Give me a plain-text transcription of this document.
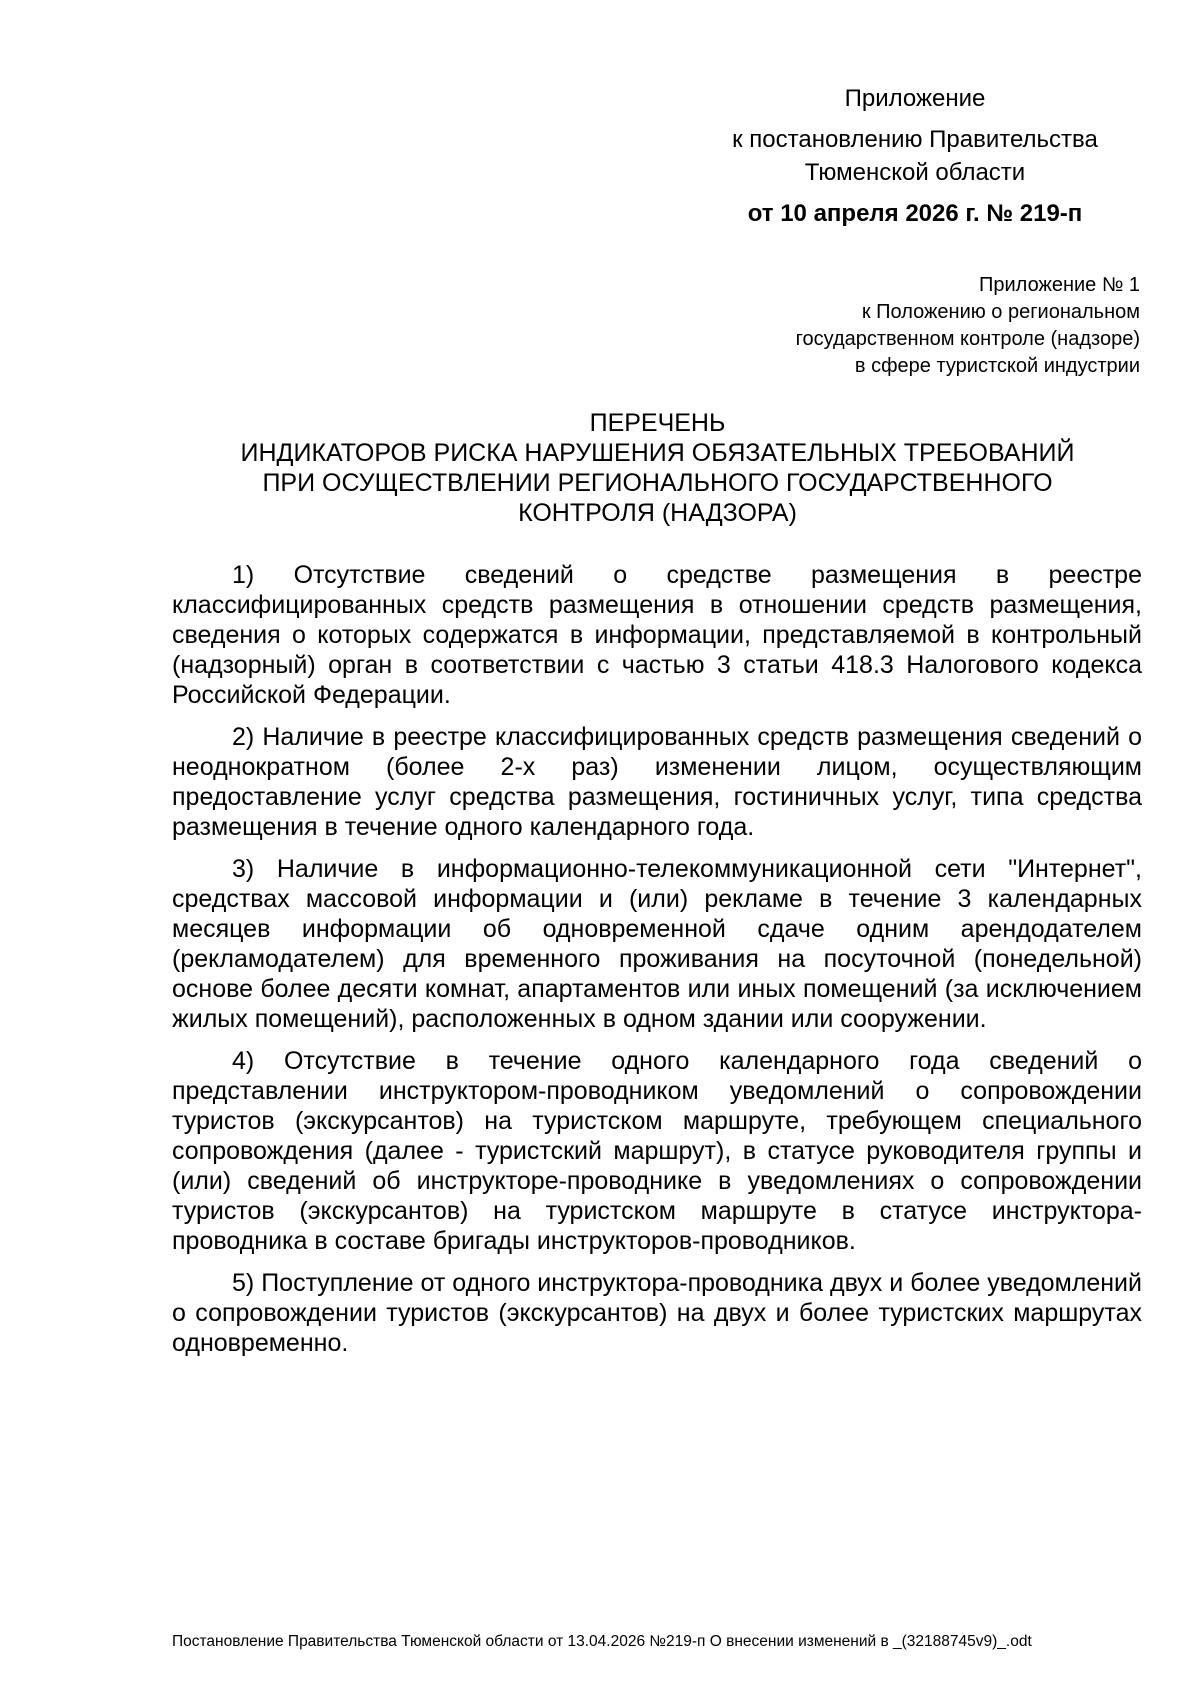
Приложение
к постановлению Правительства
Тюменской области
от 10 апреля 2026 г. № 219-п
Приложение № 1
к Положению о региональном
государственном контроле (надзоре)
в сфере туристской индустрии
ПЕРЕЧЕНЬ
ИНДИКАТОРОВ РИСКА НАРУШЕНИЯ ОБЯЗАТЕЛЬНЫХ ТРЕБОВАНИЙ
ПРИ ОСУЩЕСТВЛЕНИИ РЕГИОНАЛЬНОГО ГОСУДАРСТВЕННОГО
КОНТРОЛЯ (НАДЗОРА)

1) Отсутствие сведений о средстве размещения в реестре классифицированных средств размещения в отношении средств размещения, сведения о которых содержатся в информации, представляемой в контрольный (надзорный) орган в соответствии с частью 3 статьи 418.3 Налогового кодекса Российской Федерации.

2) Наличие в реестре классифицированных средств размещения сведений о неоднократном (более 2-х раз) изменении лицом, осуществляющим предоставление услуг средства размещения, гостиничных услуг, типа средства размещения в течение одного календарного года.

3) Наличие в информационно-телекоммуникационной сети "Интернет", средствах массовой информации и (или) рекламе в течение 3 календарных месяцев информации об одновременной сдаче одним арендодателем (рекламодателем) для временного проживания на посуточной (понедельной) основе более десяти комнат, апартаментов или иных помещений (за исключением жилых помещений), расположенных в одном здании или сооружении.

4) Отсутствие в течение одного календарного года сведений о представлении инструктором-проводником уведомлений о сопровождении туристов (экскурсантов) на туристском маршруте, требующем специального сопровождения (далее - туристский маршрут), в статусе руководителя группы и (или) сведений об инструкторе-проводнике в уведомлениях о сопровождении туристов (экскурсантов) на туристском маршруте в статусе инструктора-проводника в составе бригады инструкторов-проводников.

5) Поступление от одного инструктора-проводника двух и более уведомлений о сопровождении туристов (экскурсантов) на двух и более туристских маршрутах одновременно.

Постановление Правительства Тюменской области от 13.04.2026 №219-п О внесении изменений в _(32188745v9)_.odt
